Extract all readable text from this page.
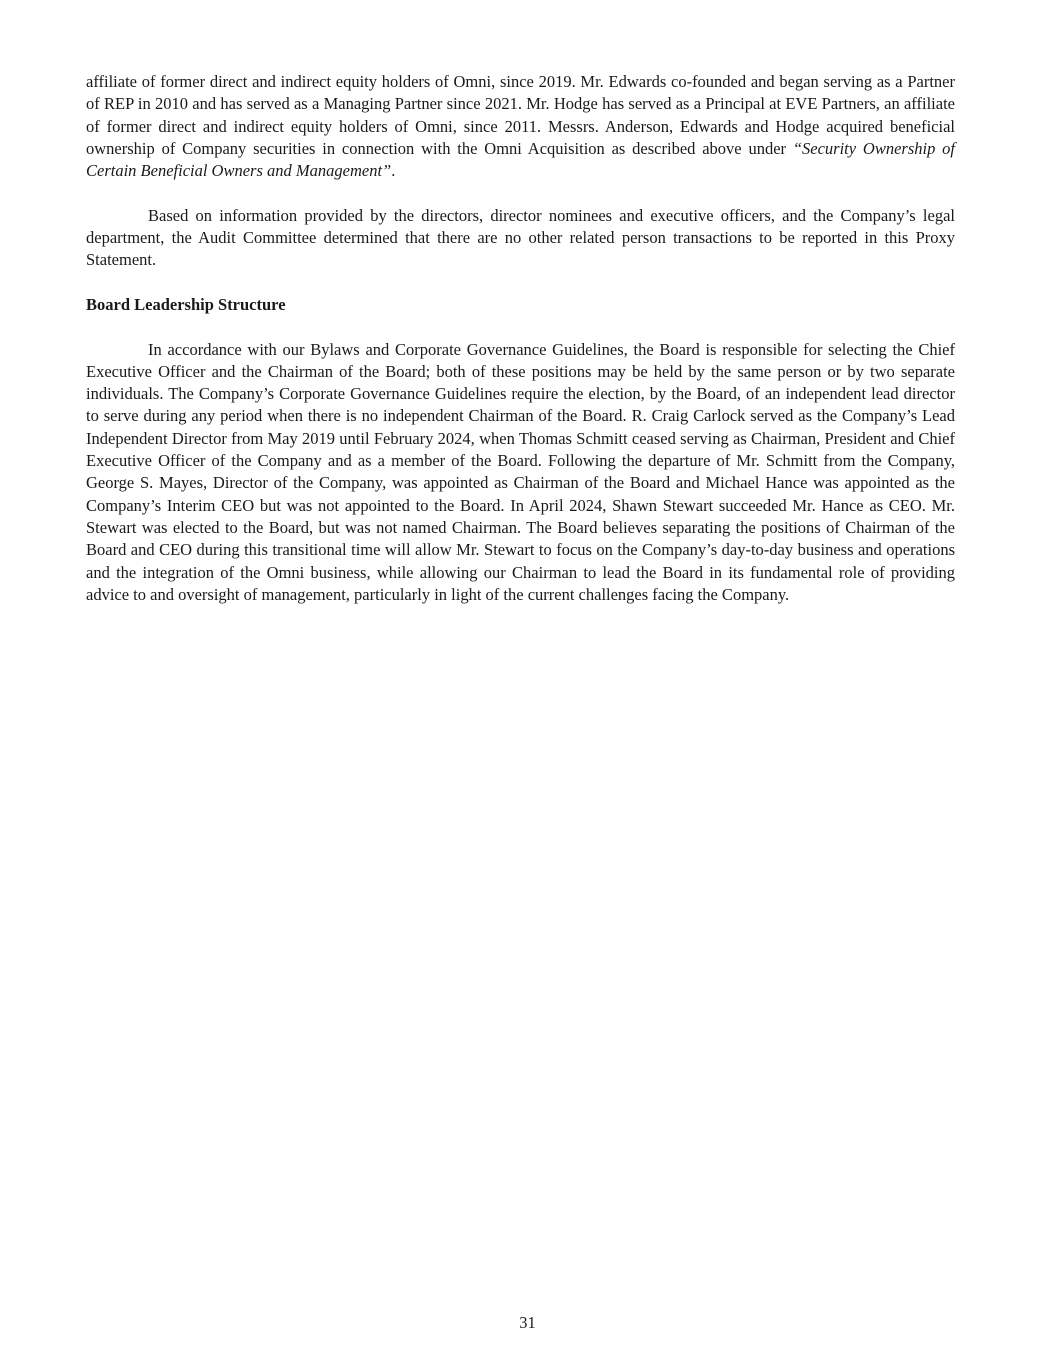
affiliate of former direct and indirect equity holders of Omni, since 2019. Mr. Edwards co-founded and began serving as a Partner of REP in 2010 and has served as a Managing Partner since 2021. Mr. Hodge has served as a Principal at EVE Partners, an affiliate of former direct and indirect equity holders of Omni, since 2011. Messrs. Anderson, Edwards and Hodge acquired beneficial ownership of Company securities in connection with the Omni Acquisition as described above under “Security Ownership of Certain Beneficial Owners and Management”.

Based on information provided by the directors, director nominees and executive officers, and the Company’s legal department, the Audit Committee determined that there are no other related person transactions to be reported in this Proxy Statement.

Board Leadership Structure

In accordance with our Bylaws and Corporate Governance Guidelines, the Board is responsible for selecting the Chief Executive Officer and the Chairman of the Board; both of these positions may be held by the same person or by two separate individuals. The Company’s Corporate Governance Guidelines require the election, by the Board, of an independent lead director to serve during any period when there is no independent Chairman of the Board. R. Craig Carlock served as the Company’s Lead Independent Director from May 2019 until February 2024, when Thomas Schmitt ceased serving as Chairman, President and Chief Executive Officer of the Company and as a member of the Board. Following the departure of Mr. Schmitt from the Company, George S. Mayes, Director of the Company, was appointed as Chairman of the Board and Michael Hance was appointed as the Company’s Interim CEO but was not appointed to the Board. In April 2024, Shawn Stewart succeeded Mr. Hance as CEO. Mr. Stewart was elected to the Board, but was not named Chairman. The Board believes separating the positions of Chairman of the Board and CEO during this transitional time will allow Mr. Stewart to focus on the Company’s day-to-day business and operations and the integration of the Omni business, while allowing our Chairman to lead the Board in its fundamental role of providing advice to and oversight of management, particularly in light of the current challenges facing the Company.

31
